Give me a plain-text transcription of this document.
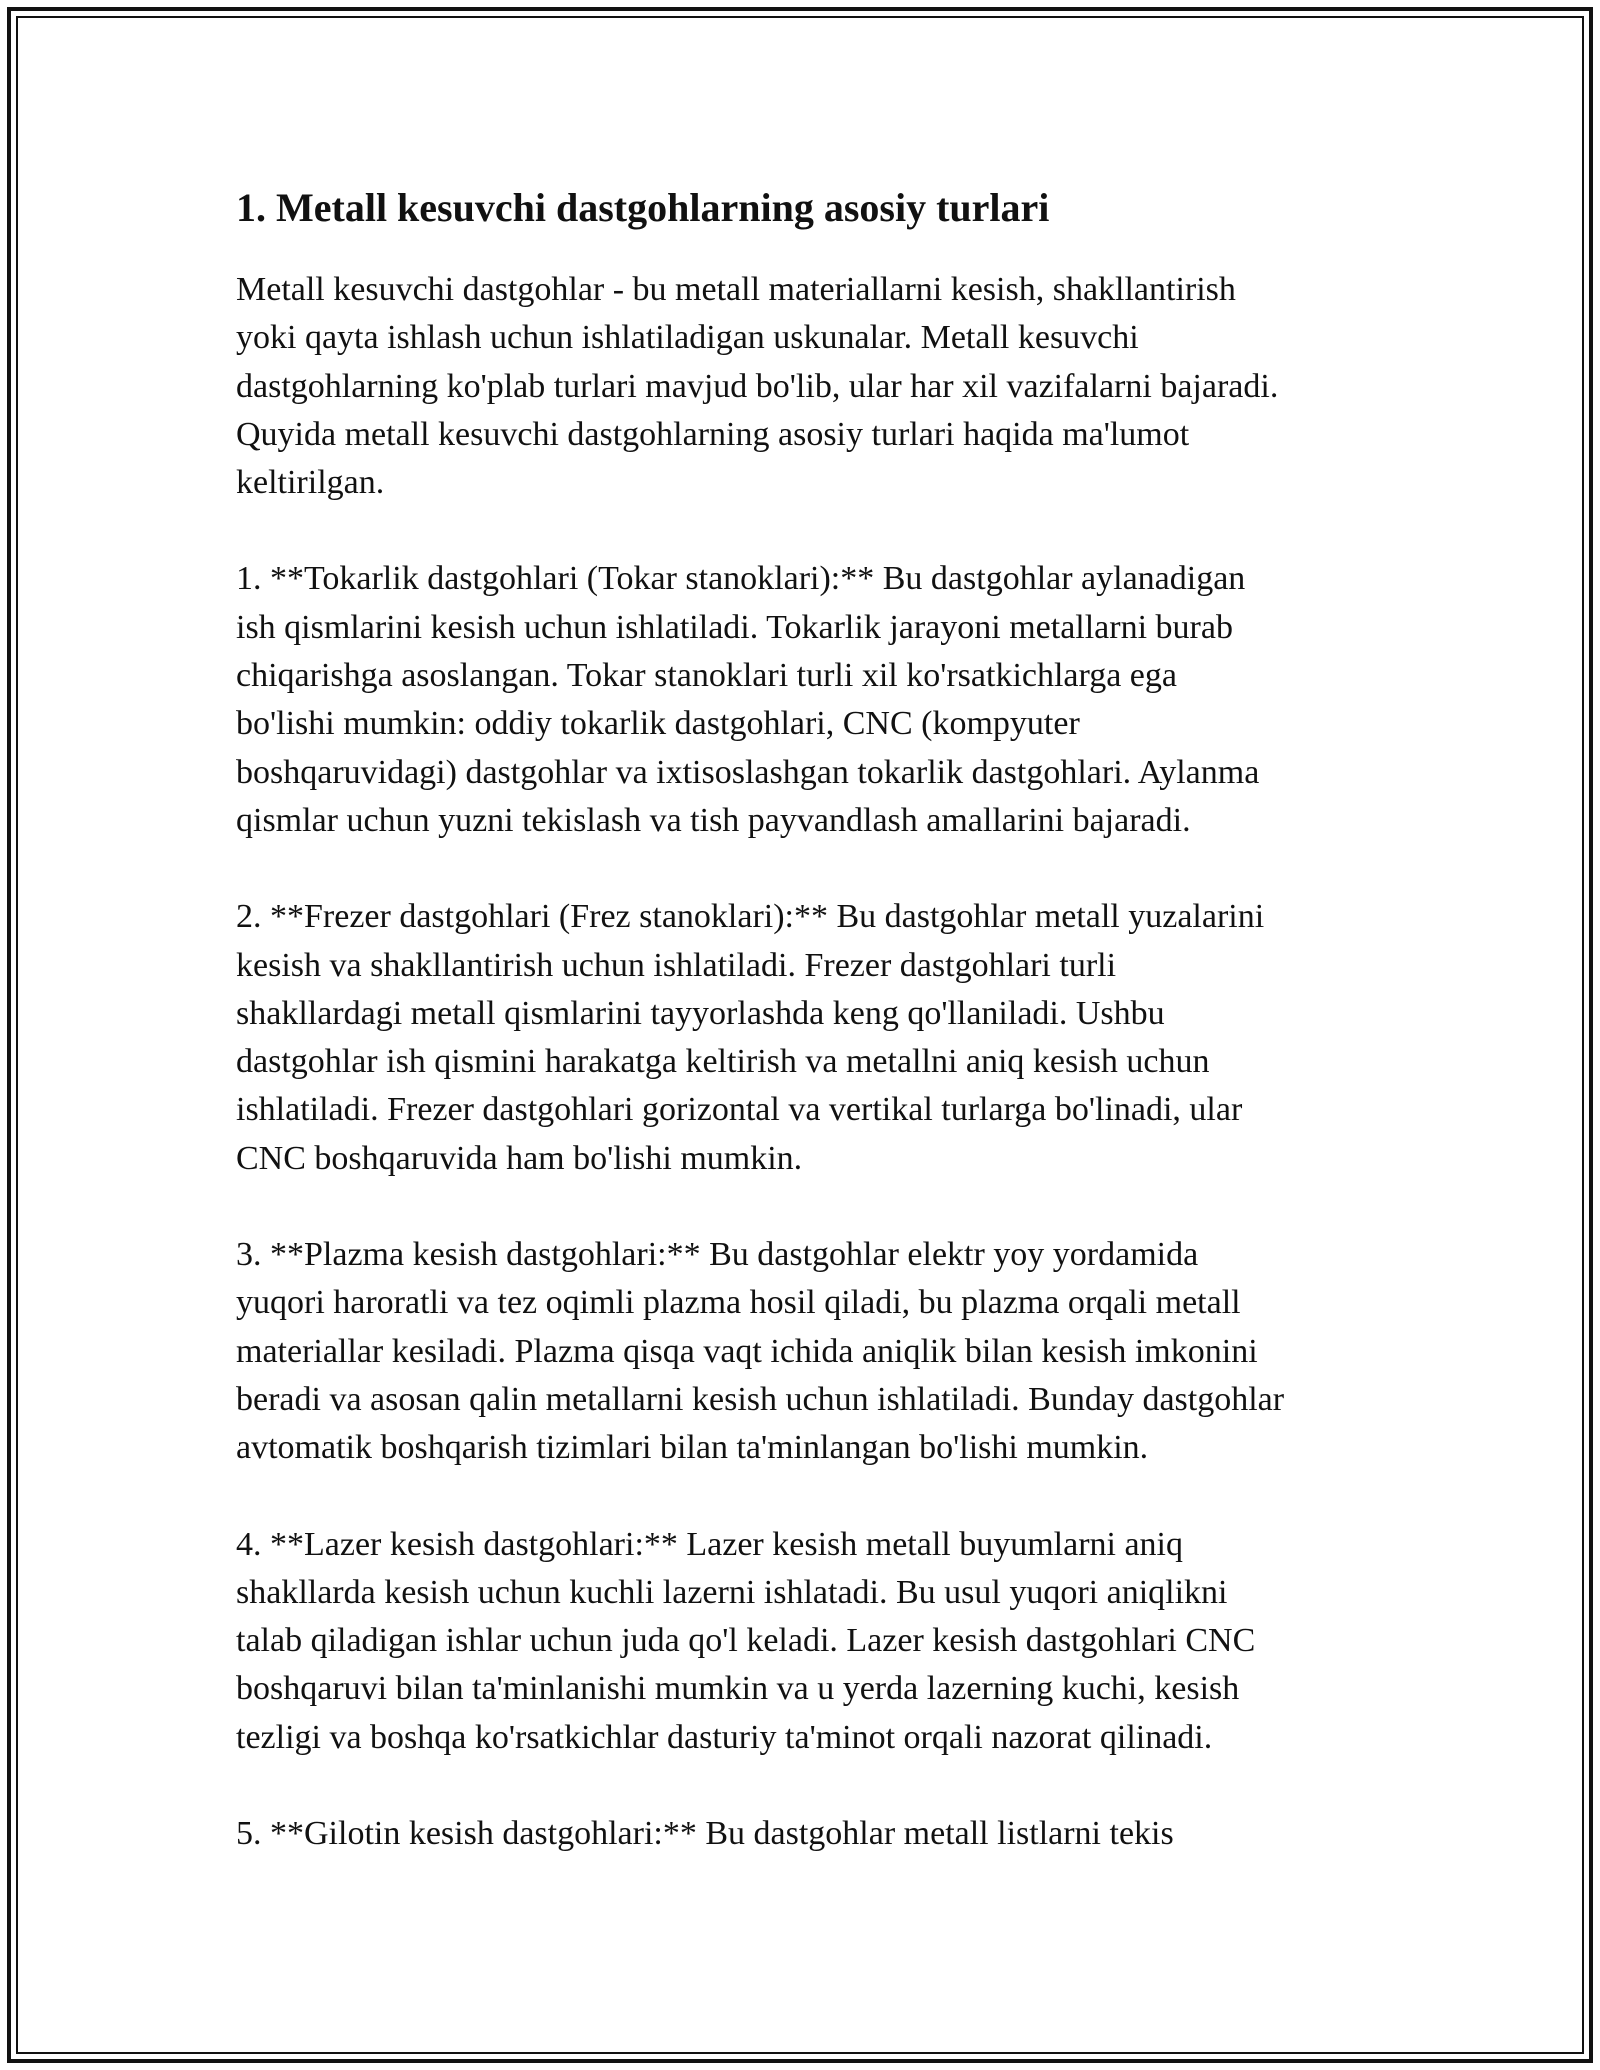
1. Metall kesuvchi dastgohlarning asosiy turlari

Metall kesuvchi dastgohlar - bu metall materiallarni kesish, shakllantirish
yoki qayta ishlash uchun ishlatiladigan uskunalar. Metall kesuvchi
dastgohlarning ko'plab turlari mavjud bo'lib, ular har xil vazifalarni bajaradi.
Quyida metall kesuvchi dastgohlarning asosiy turlari haqida ma'lumot
keltirilgan.

1. **Tokarlik dastgohlari (Tokar stanoklari):** Bu dastgohlar aylanadigan
ish qismlarini kesish uchun ishlatiladi. Tokarlik jarayoni metallarni burab
chiqarishga asoslangan. Tokar stanoklari turli xil ko'rsatkichlarga ega
bo'lishi mumkin: oddiy tokarlik dastgohlari, CNC (kompyuter
boshqaruvidagi) dastgohlar va ixtisoslashgan tokarlik dastgohlari. Aylanma
qismlar uchun yuzni tekislash va tish payvandlash amallarini bajaradi.

2. **Frezer dastgohlari (Frez stanoklari):** Bu dastgohlar metall yuzalarini
kesish va shakllantirish uchun ishlatiladi. Frezer dastgohlari turli
shakllardagi metall qismlarini tayyorlashda keng qo'llaniladi. Ushbu
dastgohlar ish qismini harakatga keltirish va metallni aniq kesish uchun
ishlatiladi. Frezer dastgohlari gorizontal va vertikal turlarga bo'linadi, ular
CNC boshqaruvida ham bo'lishi mumkin.

3. **Plazma kesish dastgohlari:** Bu dastgohlar elektr yoy yordamida
yuqori haroratli va tez oqimli plazma hosil qiladi, bu plazma orqali metall
materiallar kesiladi. Plazma qisqa vaqt ichida aniqlik bilan kesish imkonini
beradi va asosan qalin metallarni kesish uchun ishlatiladi. Bunday dastgohlar
avtomatik boshqarish tizimlari bilan ta'minlangan bo'lishi mumkin.

4. **Lazer kesish dastgohlari:** Lazer kesish metall buyumlarni aniq
shakllarda kesish uchun kuchli lazerni ishlatadi. Bu usul yuqori aniqlikni
talab qiladigan ishlar uchun juda qo'l keladi. Lazer kesish dastgohlari CNC
boshqaruvi bilan ta'minlanishi mumkin va u yerda lazerning kuchi, kesish
tezligi va boshqa ko'rsatkichlar dasturiy ta'minot orqali nazorat qilinadi.

5. **Gilotin kesish dastgohlari:** Bu dastgohlar metall listlarni tekis
